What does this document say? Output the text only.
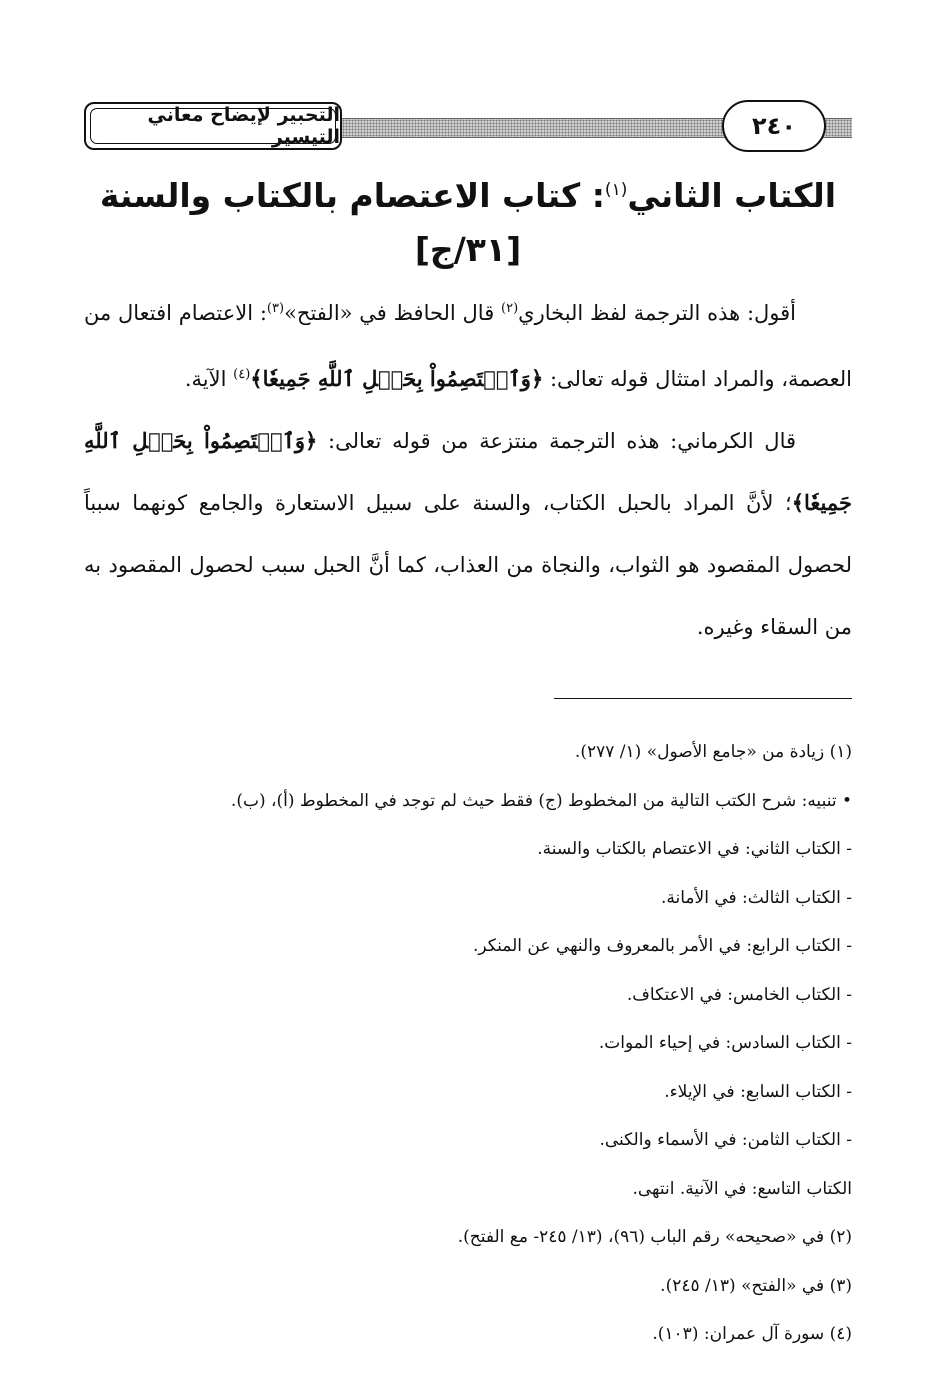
التحبير لإيضاح معاني التيسير	٢٤٠
الكتاب الثاني$^{(١)}$: كتاب الاعتصام بالكتاب والسنة
[٣١/ج]

أقول: هذه الترجمة لفظ البخاري$^{(٢)}$ قال الحافظ في «الفتح»$^{(٣)}$: الاعتصام افتعال من العصمة، والمراد امتثال قوله تعالى: ﴿وَٱعۡتَصِمُواْ بِحَبۡلِ ٱللَّهِ جَمِيعٗا﴾$^{(٤)}$ الآية.

قال الكرماني: هذه الترجمة منتزعة من قوله تعالى: ﴿وَٱعۡتَصِمُواْ بِحَبۡلِ ٱللَّهِ جَمِيعٗا﴾؛ لأنَّ المراد بالحبل الكتاب، والسنة على سبيل الاستعارة والجامع كونهما سبباً لحصول المقصود هو الثواب، والنجاة من العذاب، كما أنَّ الحبل سبب لحصول المقصود به من السقاء وغيره.

(١) زيادة من «جامع الأصول» (١/ ٢٧٧).
• تنبيه: شرح الكتب التالية من المخطوط (ج) فقط حيث لم توجد في المخطوط (أ)، (ب).
- الكتاب الثاني: في الاعتصام بالكتاب والسنة.
- الكتاب الثالث: في الأمانة.
- الكتاب الرابع: في الأمر بالمعروف والنهي عن المنكر.
- الكتاب الخامس: في الاعتكاف.
- الكتاب السادس: في إحياء الموات.
- الكتاب السابع: في الإيلاء.
- الكتاب الثامن: في الأسماء والكنى.
الكتاب التاسع: في الآنية. انتهى.
(٢) في «صحيحه» رقم الباب (٩٦)، (١٣/ ٢٤٥- مع الفتح).
(٣) في «الفتح» (١٣/ ٢٤٥).
(٤) سورة آل عمران: (١٠٣).
